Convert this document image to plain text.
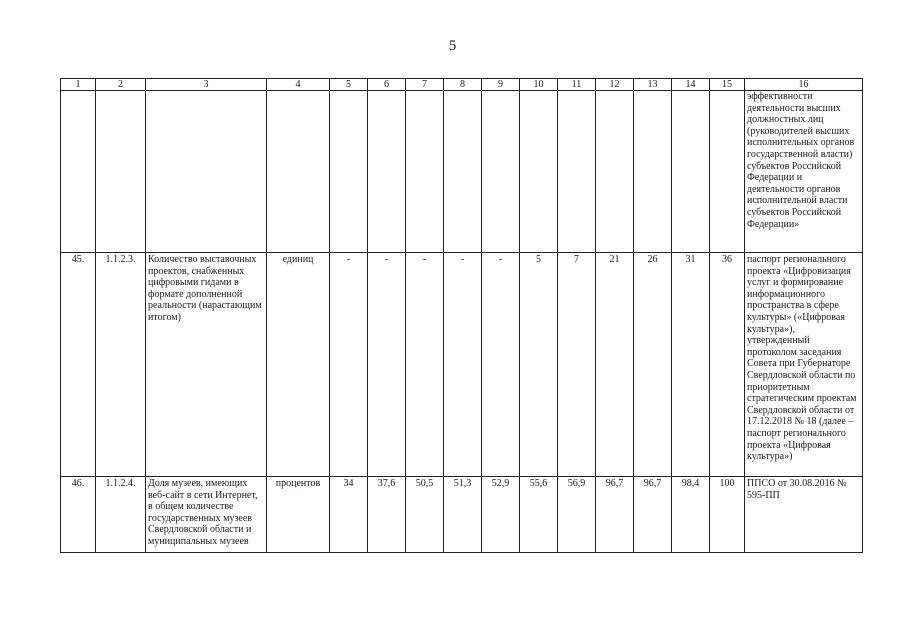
5
1	2	3	4	5	6	7	8	9	10	11	12	13	14	15	16
															эффективности деятельности высших должностных лиц (руководителей высших исполнительных органов государственной власти) субъектов Российской Федерации и деятельности органов исполнительной власти субъектов Российской Федерации»
45.	1.1.2.3.	Количество выставочных проектов, снабженных цифровыми гидами в формате дополненной реальности (нарастающим итогом)	единиц	-	-	-	-	-	5	7	21	26	31	36	паспорт регионального проекта «Цифровизация услуг и формирование информационного пространства в сфере культуры» («Цифровая культура»), утвержденный протоколом заседания Совета при Губернаторе Свердловской области по приоритетным стратегическим проектам Свердловской области от 17.12.2018 № 18 (далее – паспорт регионального проекта «Цифровая культура»)
46.	1.1.2.4.	Доля музеев, имеющих веб-сайт в сети Интернет, в общем количестве государственных музеев Свердловской области и муниципальных музеев	процентов	34	37,6	50,5	51,3	52,9	55,6	56,9	96,7	96,7	98,4	100	ППСО от 30.08.2016 № 595-ПП
